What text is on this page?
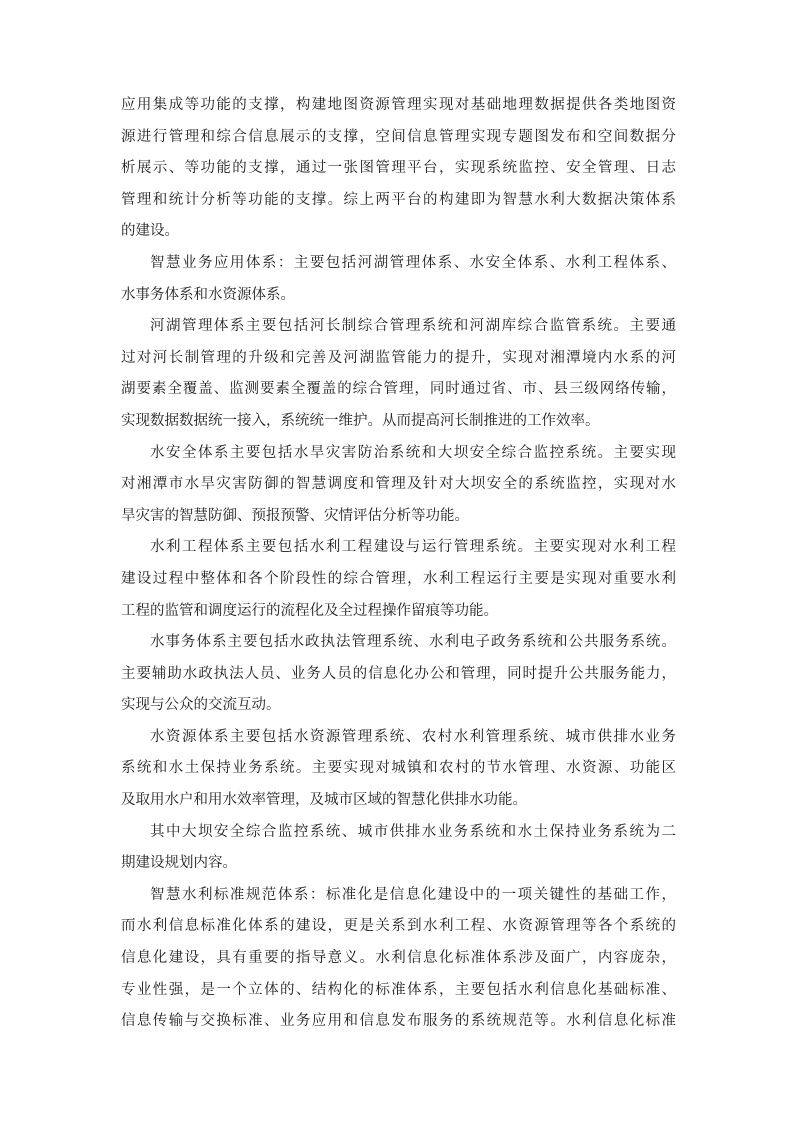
应用集成等功能的支撑，构建地图资源管理实现对基础地理数据提供各类地图资
源进行管理和综合信息展示的支撑，空间信息管理实现专题图发布和空间数据分
析展示、等功能的支撑，通过一张图管理平台，实现系统监控、安全管理、日志
管理和统计分析等功能的支撑。综上两平台的构建即为智慧水利大数据决策体系
的建设。
智慧业务应用体系：主要包括河湖管理体系、水安全体系、水利工程体系、
水事务体系和水资源体系。
河湖管理体系主要包括河长制综合管理系统和河湖库综合监管系统。主要通
过对河长制管理的升级和完善及河湖监管能力的提升，实现对湘潭境内水系的河
湖要素全覆盖、监测要素全覆盖的综合管理，同时通过省、市、县三级网络传输，
实现数据数据统一接入，系统统一维护。从而提高河长制推进的工作效率。
水安全体系主要包括水旱灾害防治系统和大坝安全综合监控系统。主要实现
对湘潭市水旱灾害防御的智慧调度和管理及针对大坝安全的系统监控，实现对水
旱灾害的智慧防御、预报预警、灾情评估分析等功能。
水利工程体系主要包括水利工程建设与运行管理系统。主要实现对水利工程
建设过程中整体和各个阶段性的综合管理，水利工程运行主要是实现对重要水利
工程的监管和调度运行的流程化及全过程操作留痕等功能。
水事务体系主要包括水政执法管理系统、水利电子政务系统和公共服务系统。
主要辅助水政执法人员、业务人员的信息化办公和管理，同时提升公共服务能力，
实现与公众的交流互动。
水资源体系主要包括水资源管理系统、农村水利管理系统、城市供排水业务
系统和水土保持业务系统。主要实现对城镇和农村的节水管理、水资源、功能区
及取用水户和用水效率管理，及城市区域的智慧化供排水功能。
其中大坝安全综合监控系统、城市供排水业务系统和水土保持业务系统为二
期建设规划内容。
智慧水利标准规范体系：标准化是信息化建设中的一项关键性的基础工作，
而水利信息标准化体系的建设，更是关系到水利工程、水资源管理等各个系统的
信息化建设，具有重要的指导意义。水利信息化标准体系涉及面广，内容庞杂，
专业性强，是一个立体的、结构化的标准体系，主要包括水利信息化基础标准、
信息传输与交换标准、业务应用和信息发布服务的系统规范等。水利信息化标准
